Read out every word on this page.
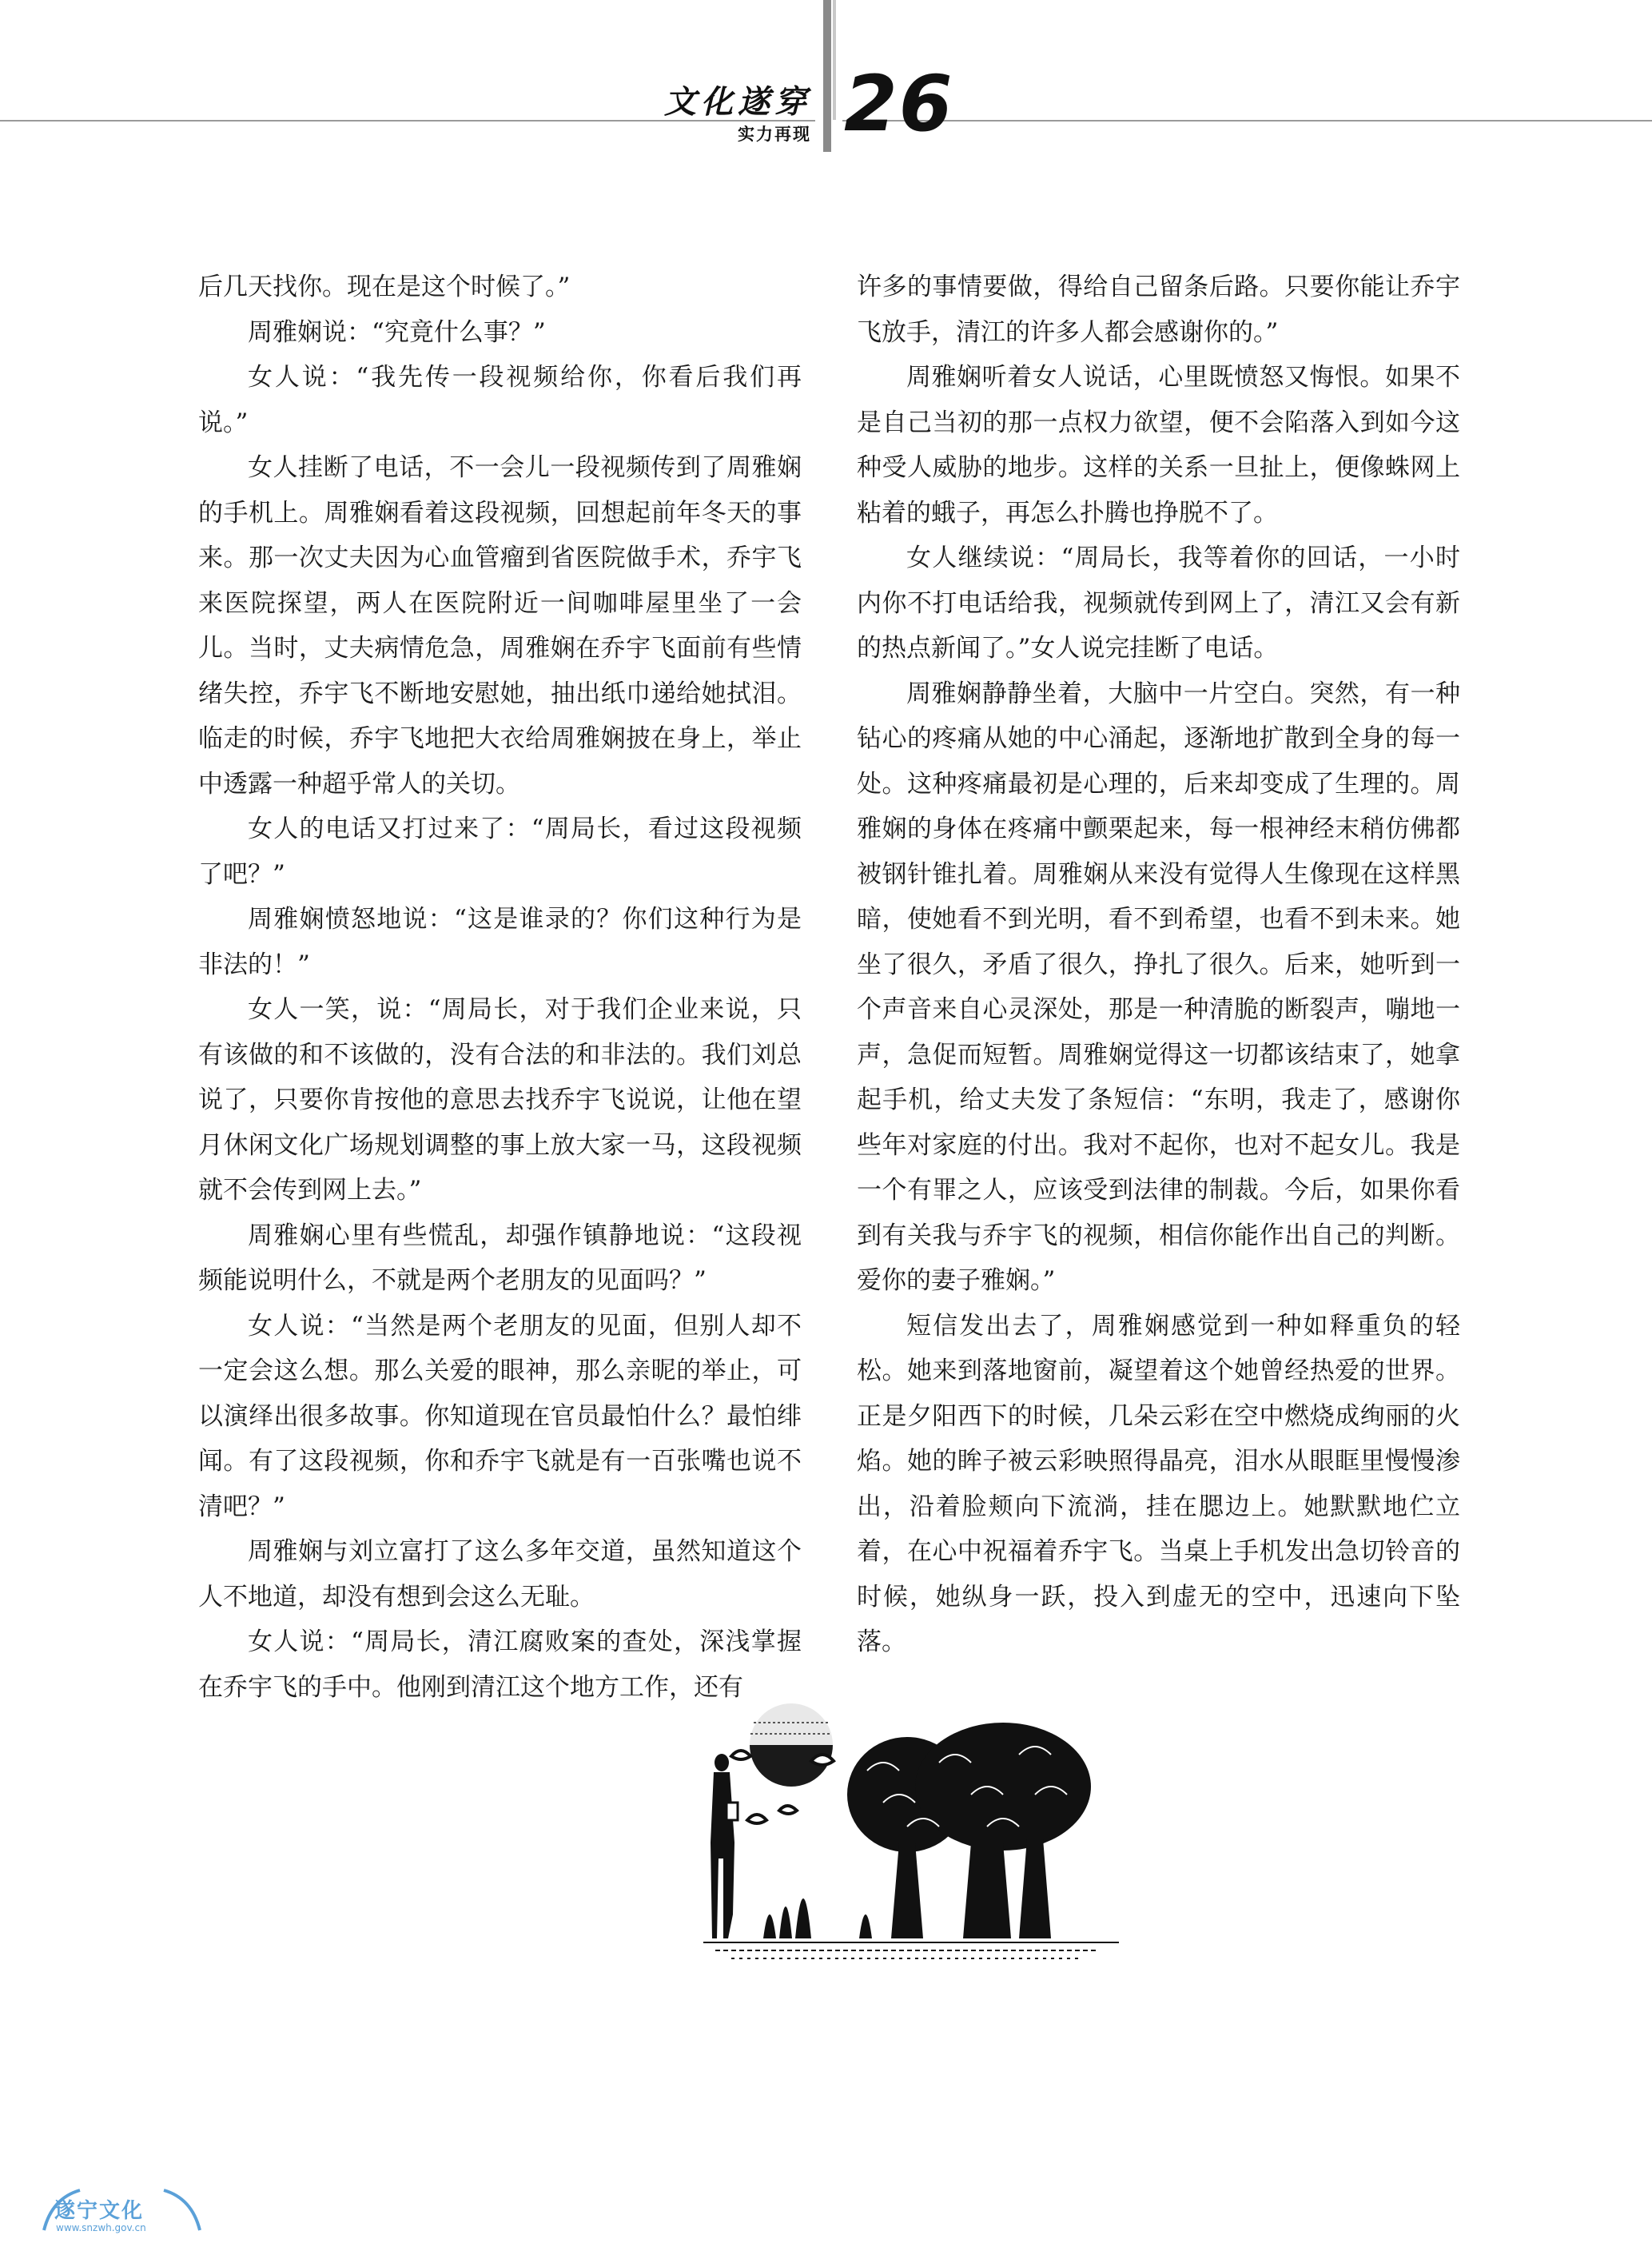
文化遂穿
实力再现 26

后几天找你。现在是这个时候了。”

周雅娴说：“究竟什么事？”

女人说：“我先传一段视频给你，你看后我们再说。”

女人挂断了电话，不一会儿一段视频传到了周雅娴的手机上。周雅娴看着这段视频，回想起前年冬天的事来。那一次丈夫因为心血管瘤到省医院做手术，乔宇飞来医院探望，两人在医院附近一间咖啡屋里坐了一会儿。当时，丈夫病情危急，周雅娴在乔宇飞面前有些情绪失控，乔宇飞不断地安慰她，抽出纸巾递给她拭泪。临走的时候，乔宇飞地把大衣给周雅娴披在身上，举止中透露一种超乎常人的关切。

女人的电话又打过来了：“周局长，看过这段视频了吧？”

周雅娴愤怒地说：“这是谁录的？你们这种行为是非法的！”

女人一笑，说：“周局长，对于我们企业来说，只有该做的和不该做的，没有合法的和非法的。我们刘总说了，只要你肯按他的意思去找乔宇飞说说，让他在望月休闲文化广场规划调整的事上放大家一马，这段视频就不会传到网上去。”

周雅娴心里有些慌乱，却强作镇静地说：“这段视频能说明什么，不就是两个老朋友的见面吗？”

女人说：“当然是两个老朋友的见面，但别人却不一定会这么想。那么关爱的眼神，那么亲昵的举止，可以演绎出很多故事。你知道现在官员最怕什么？最怕绯闻。有了这段视频，你和乔宇飞就是有一百张嘴也说不清吧？”

周雅娴与刘立富打了这么多年交道，虽然知道这个人不地道，却没有想到会这么无耻。

女人说：“周局长，清江腐败案的查处，深浅掌握在乔宇飞的手中。他刚到清江这个地方工作，还有

许多的事情要做，得给自己留条后路。只要你能让乔宇飞放手，清江的许多人都会感谢你的。”

周雅娴听着女人说话，心里既愤怒又悔恨。如果不是自己当初的那一点权力欲望，便不会陷落入到如今这种受人威胁的地步。这样的关系一旦扯上，便像蛛网上粘着的蛾子，再怎么扑腾也挣脱不了。

女人继续说：“周局长，我等着你的回话，一小时内你不打电话给我，视频就传到网上了，清江又会有新的热点新闻了。”女人说完挂断了电话。

周雅娴静静坐着，大脑中一片空白。突然，有一种钻心的疼痛从她的中心涌起，逐渐地扩散到全身的每一处。这种疼痛最初是心理的，后来却变成了生理的。周雅娴的身体在疼痛中颤栗起来，每一根神经末稍仿佛都被钢针锥扎着。周雅娴从来没有觉得人生像现在这样黑暗，使她看不到光明，看不到希望，也看不到未来。她坐了很久，矛盾了很久，挣扎了很久。后来，她听到一个声音来自心灵深处，那是一种清脆的断裂声，嘣地一声，急促而短暂。周雅娴觉得这一切都该结束了，她拿起手机，给丈夫发了条短信：“东明，我走了，感谢你些年对家庭的付出。我对不起你，也对不起女儿。我是一个有罪之人，应该受到法律的制裁。今后，如果你看到有关我与乔宇飞的视频，相信你能作出自己的判断。爱你的妻子雅娴。”

短信发出去了，周雅娴感觉到一种如释重负的轻松。她来到落地窗前，凝望着这个她曾经热爱的世界。正是夕阳西下的时候，几朵云彩在空中燃烧成绚丽的火焰。她的眸子被云彩映照得晶亮，泪水从眼眶里慢慢渗出，沿着脸颊向下流淌，挂在腮边上。她默默地伫立着，在心中祝福着乔宇飞。当桌上手机发出急切铃音的时候，她纵身一跃，投入到虚无的空中，迅速向下坠落。

遂宁文化
www.snzwh.gov.cn
